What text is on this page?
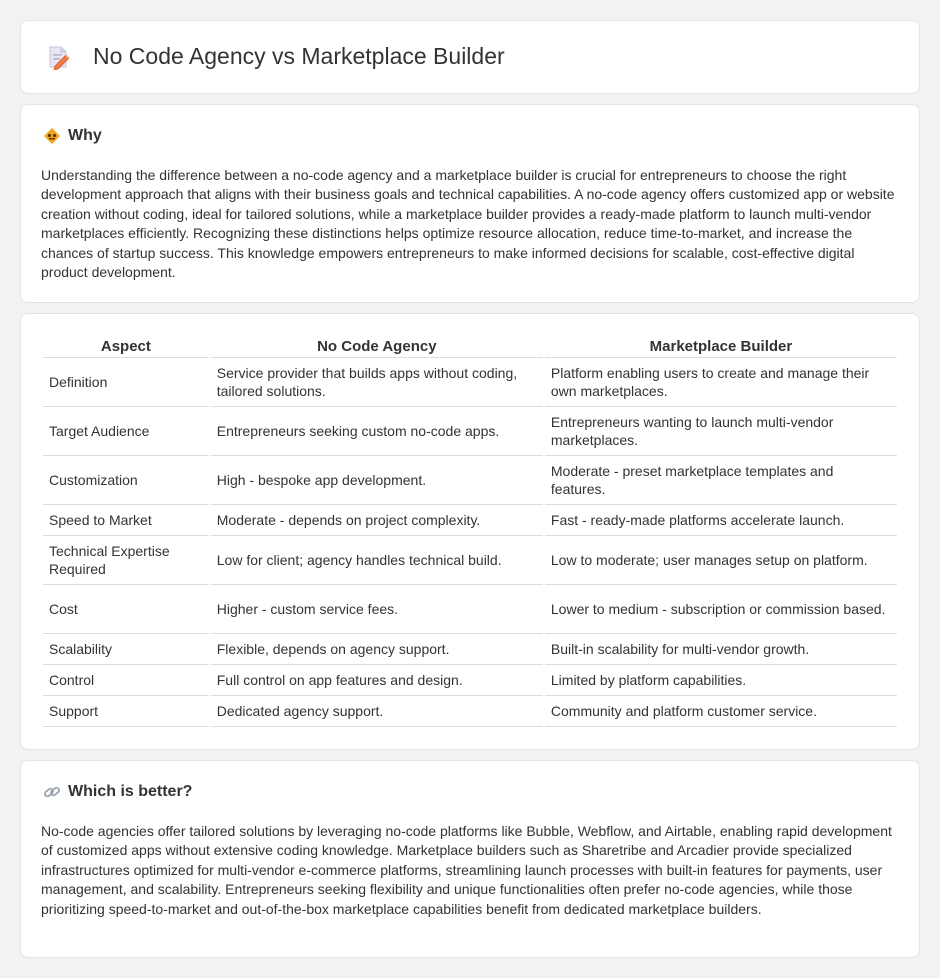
No Code Agency vs Marketplace Builder
Why

Understanding the difference between a no-code agency and a marketplace builder is crucial for entrepreneurs to choose the right development approach that aligns with their business goals and technical capabilities. A no-code agency offers customized app or website creation without coding, ideal for tailored solutions, while a marketplace builder provides a ready-made platform to launch multi-vendor marketplaces efficiently. Recognizing these distinctions helps optimize resource allocation, reduce time-to-market, and increase the chances of startup success. This knowledge empowers entrepreneurs to make informed decisions for scalable, cost-effective digital product development.

Aspect	No Code Agency	Marketplace Builder
Definition	Service provider that builds apps without coding, tailored solutions.	Platform enabling users to create and manage their own marketplaces.
Target Audience	Entrepreneurs seeking custom no-code apps.	Entrepreneurs wanting to launch multi-vendor marketplaces.
Customization	High - bespoke app development.	Moderate - preset marketplace templates and features.
Speed to Market	Moderate - depends on project complexity.	Fast - ready-made platforms accelerate launch.
Technical Expertise Required	Low for client; agency handles technical build.	Low to moderate; user manages setup on platform.
Cost	Higher - custom service fees.	Lower to medium - subscription or commission based.
Scalability	Flexible, depends on agency support.	Built-in scalability for multi-vendor growth.
Control	Full control on app features and design.	Limited by platform capabilities.
Support	Dedicated agency support.	Community and platform customer service.
Which is better?

No-code agencies offer tailored solutions by leveraging no-code platforms like Bubble, Webflow, and Airtable, enabling rapid development of customized apps without extensive coding knowledge. Marketplace builders such as Sharetribe and Arcadier provide specialized infrastructures optimized for multi-vendor e-commerce platforms, streamlining launch processes with built-in features for payments, user management, and scalability. Entrepreneurs seeking flexibility and unique functionalities often prefer no-code agencies, while those prioritizing speed-to-market and out-of-the-box marketplace capabilities benefit from dedicated marketplace builders.
